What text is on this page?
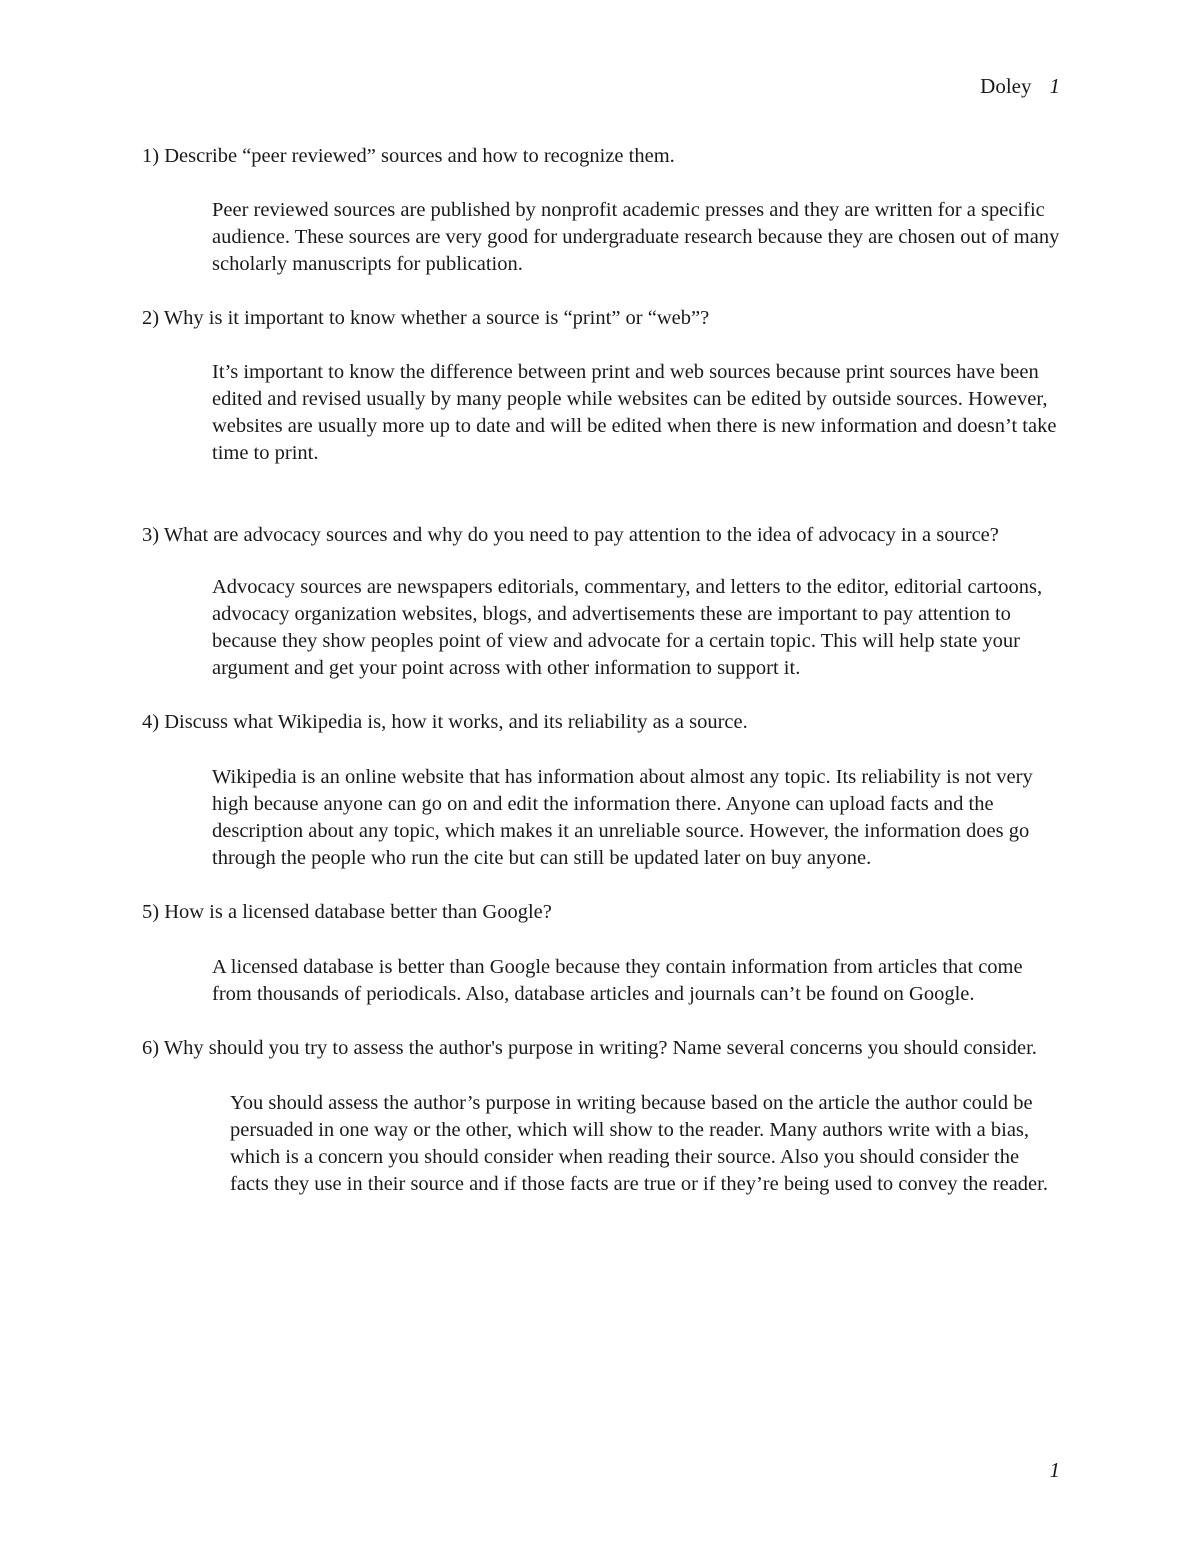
Doley 1

1) Describe “peer reviewed” sources and how to recognize them.

Peer reviewed sources are published by nonprofit academic presses and they are written for a specific audience. These sources are very good for undergraduate research because they are chosen out of many scholarly manuscripts for publication.

2) Why is it important to know whether a source is “print” or “web”?

It’s important to know the difference between print and web sources because print sources have been edited and revised usually by many people while websites can be edited by outside sources. However, websites are usually more up to date and will be edited when there is new information and doesn’t take time to print.

3) What are advocacy sources and why do you need to pay attention to the idea of advocacy in a source?

Advocacy sources are newspapers editorials, commentary, and letters to the editor, editorial cartoons, advocacy organization websites, blogs, and advertisements these are important to pay attention to because they show peoples point of view and advocate for a certain topic. This will help state your argument and get your point across with other information to support it.

4) Discuss what Wikipedia is, how it works, and its reliability as a source.

Wikipedia is an online website that has information about almost any topic. Its reliability is not very high because anyone can go on and edit the information there. Anyone can upload facts and the description about any topic, which makes it an unreliable source. However, the information does go through the people who run the cite but can still be updated later on buy anyone.

5) How is a licensed database better than Google?

A licensed database is better than Google because they contain information from articles that come from thousands of periodicals. Also, database articles and journals can’t be found on Google.

6) Why should you try to assess the author's purpose in writing? Name several concerns you should consider.

You should assess the author’s purpose in writing because based on the article the author could be persuaded in one way or the other, which will show to the reader. Many authors write with a bias, which is a concern you should consider when reading their source. Also you should consider the facts they use in their source and if those facts are true or if they’re being used to convey the reader.

1
